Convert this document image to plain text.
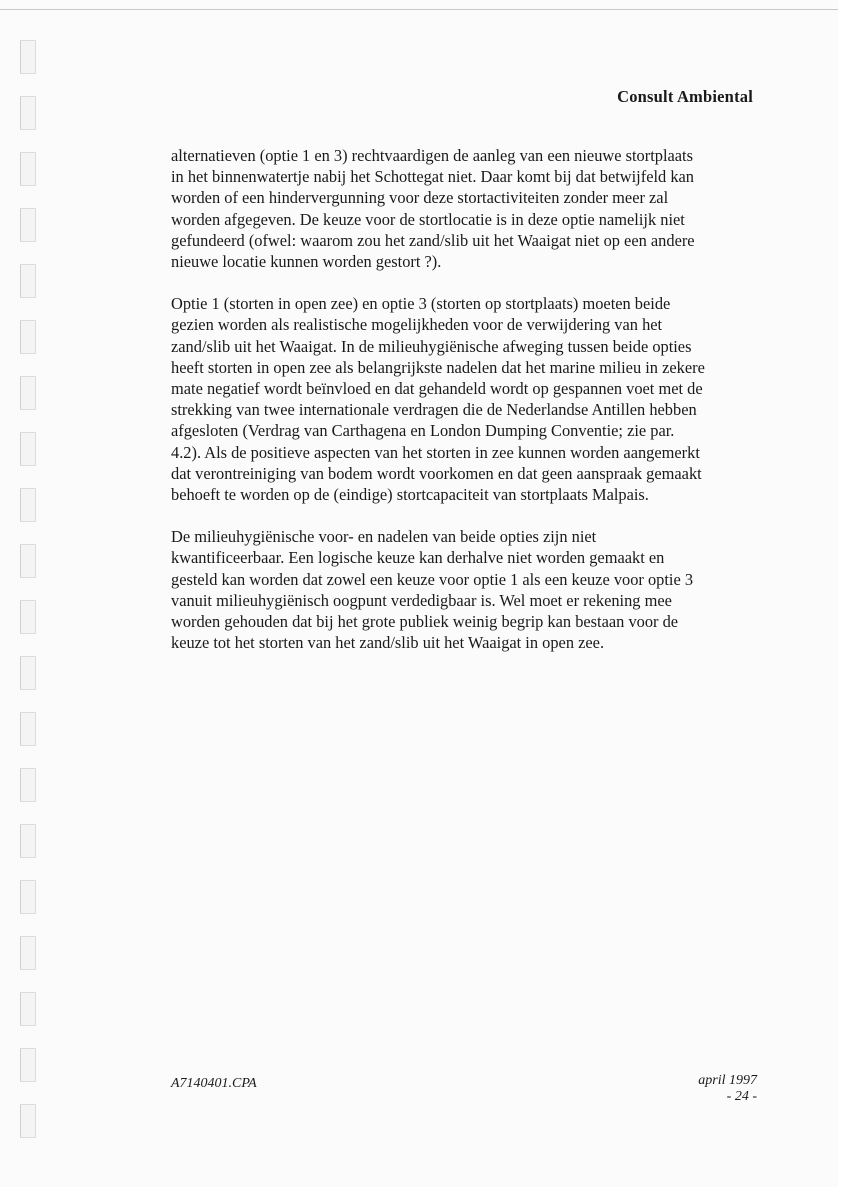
Consult Ambiental

alternatieven (optie 1 en 3) rechtvaardigen de aanleg van een nieuwe stortplaats
in het binnenwatertje nabij het Schottegat niet. Daar komt bij dat betwijfeld kan
worden of een hindervergunning voor deze stortactiviteiten zonder meer zal
worden afgegeven. De keuze voor de stortlocatie is in deze optie namelijk niet
gefundeerd (ofwel: waarom zou het zand/slib uit het Waaigat niet op een andere
nieuwe locatie kunnen worden gestort ?).

Optie 1 (storten in open zee) en optie 3 (storten op stortplaats) moeten beide
gezien worden als realistische mogelijkheden voor de verwijdering van het
zand/slib uit het Waaigat. In de milieuhygiënische afweging tussen beide opties
heeft storten in open zee als belangrijkste nadelen dat het marine milieu in zekere
mate negatief wordt beïnvloed en dat gehandeld wordt op gespannen voet met de
strekking van twee internationale verdragen die de Nederlandse Antillen hebben
afgesloten (Verdrag van Carthagena en London Dumping Conventie; zie par.
4.2). Als de positieve aspecten van het storten in zee kunnen worden aangemerkt
dat verontreiniging van bodem wordt voorkomen en dat geen aanspraak gemaakt
behoeft te worden op de (eindige) stortcapaciteit van stortplaats Malpais.

De milieuhygiënische voor- en nadelen van beide opties zijn niet
kwantificeerbaar. Een logische keuze kan derhalve niet worden gemaakt en
gesteld kan worden dat zowel een keuze voor optie 1 als een keuze voor optie 3
vanuit milieuhygiënisch oogpunt verdedigbaar is. Wel moet er rekening mee
worden gehouden dat bij het grote publiek weinig begrip kan bestaan voor de
keuze tot het storten van het zand/slib uit het Waaigat in open zee.

A7140401.CPA	april 1997
- 24 -
